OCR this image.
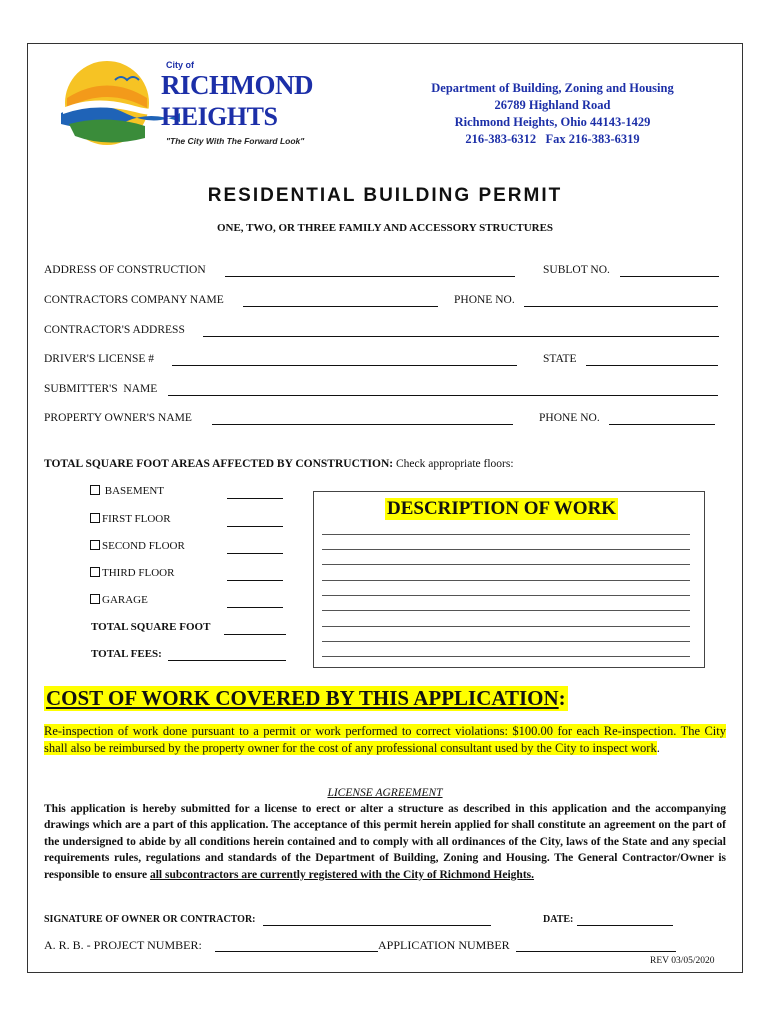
City of
RICHMOND
HEIGHTS
"The City With The Forward Look"
Department of Building, Zoning and Housing
26789 Highland Road
Richmond Heights, Ohio 44143-1429
216-383-6312   Fax 216-383-6319
RESIDENTIAL BUILDING PERMIT
ONE, TWO, OR THREE FAMILY AND ACCESSORY STRUCTURES
ADDRESS OF CONSTRUCTION	SUBLOT NO.
CONTRACTORS COMPANY NAME	PHONE NO.
CONTRACTOR'S ADDRESS
DRIVER'S LICENSE #	STATE
SUBMITTER'S  NAME
PROPERTY OWNER'S NAME	PHONE NO.
TOTAL SQUARE FOOT AREAS AFFECTED BY CONSTRUCTION: Check appropriate floors:
BASEMENT
FIRST FLOOR
SECOND FLOOR
THIRD FLOOR
GARAGE
TOTAL SQUARE FOOT
TOTAL FEES:
DESCRIPTION OF WORK
COST OF WORK COVERED BY THIS APPLICATION:
Re-inspection of work done pursuant to a permit or work performed to correct violations: $100.00 for each Re-inspection. The City shall also be reimbursed by the property owner for the cost of any professional consultant used by the City to inspect work.
LICENSE AGREEMENT
This application is hereby submitted for a license to erect or alter a structure as described in this application and the accompanying drawings which are a part of this application. The acceptance of this permit herein applied for shall constitute an agreement on the part of the undersigned to abide by all conditions herein contained and to comply with all ordinances of the City, laws of the State and any special requirements rules, regulations and standards of the Department of Building, Zoning and Housing. The General Contractor/Owner is responsible to ensure all subcontractors are currently registered with the City of Richmond Heights.
SIGNATURE OF OWNER OR CONTRACTOR:	DATE:
A. R. B. - PROJECT NUMBER:	APPLICATION NUMBER
REV 03/05/2020
